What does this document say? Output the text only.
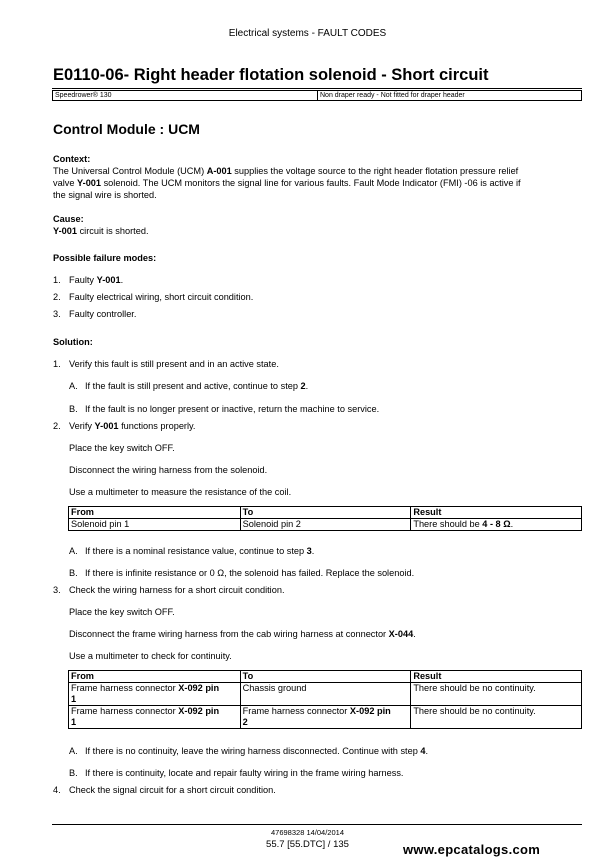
Electrical systems - FAULT CODES
E0110-06- Right header flotation solenoid - Short circuit
Speedrower® 130	Non draper ready - Not fitted for draper header
Control Module : UCM
Context:
The Universal Control Module (UCM) A-001 supplies the voltage source to the right header flotation pressure relief
valve Y-001 solenoid. The UCM monitors the signal line for various faults. Fault Mode Indicator (FMI) -06 is active if
the signal wire is shorted.
Cause:
Y-001 circuit is shorted.
Possible failure modes:
1. Faulty Y-001.
2. Faulty electrical wiring, short circuit condition.
3. Faulty controller.
Solution:
1. Verify this fault is still present and in an active state.
A. If the fault is still present and active, continue to step 2.
B. If the fault is no longer present or inactive, return the machine to service.
2. Verify Y-001 functions properly.
Place the key switch OFF.
Disconnect the wiring harness from the solenoid.
Use a multimeter to measure the resistance of the coil.
From	To	Result
Solenoid pin 1	Solenoid pin 2	There should be 4 - 8 Ω.
A. If there is a nominal resistance value, continue to step 3.
B. If there is infinite resistance or 0 Ω, the solenoid has failed. Replace the solenoid.
3. Check the wiring harness for a short circuit condition.
Place the key switch OFF.
Disconnect the frame wiring harness from the cab wiring harness at connector X-044.
Use a multimeter to check for continuity.
From	To	Result
Frame harness connector X-092 pin
1	Chassis ground	There should be no continuity.
Frame harness connector X-092 pin
1	Frame harness connector X-092 pin
2	There should be no continuity.
A. If there is no continuity, leave the wiring harness disconnected. Continue with step 4.
B. If there is continuity, locate and repair faulty wiring in the frame wiring harness.
4. Check the signal circuit for a short circuit condition.
47698328 14/04/2014
55.7 [55.DTC] / 135	www.epcatalogs.com
